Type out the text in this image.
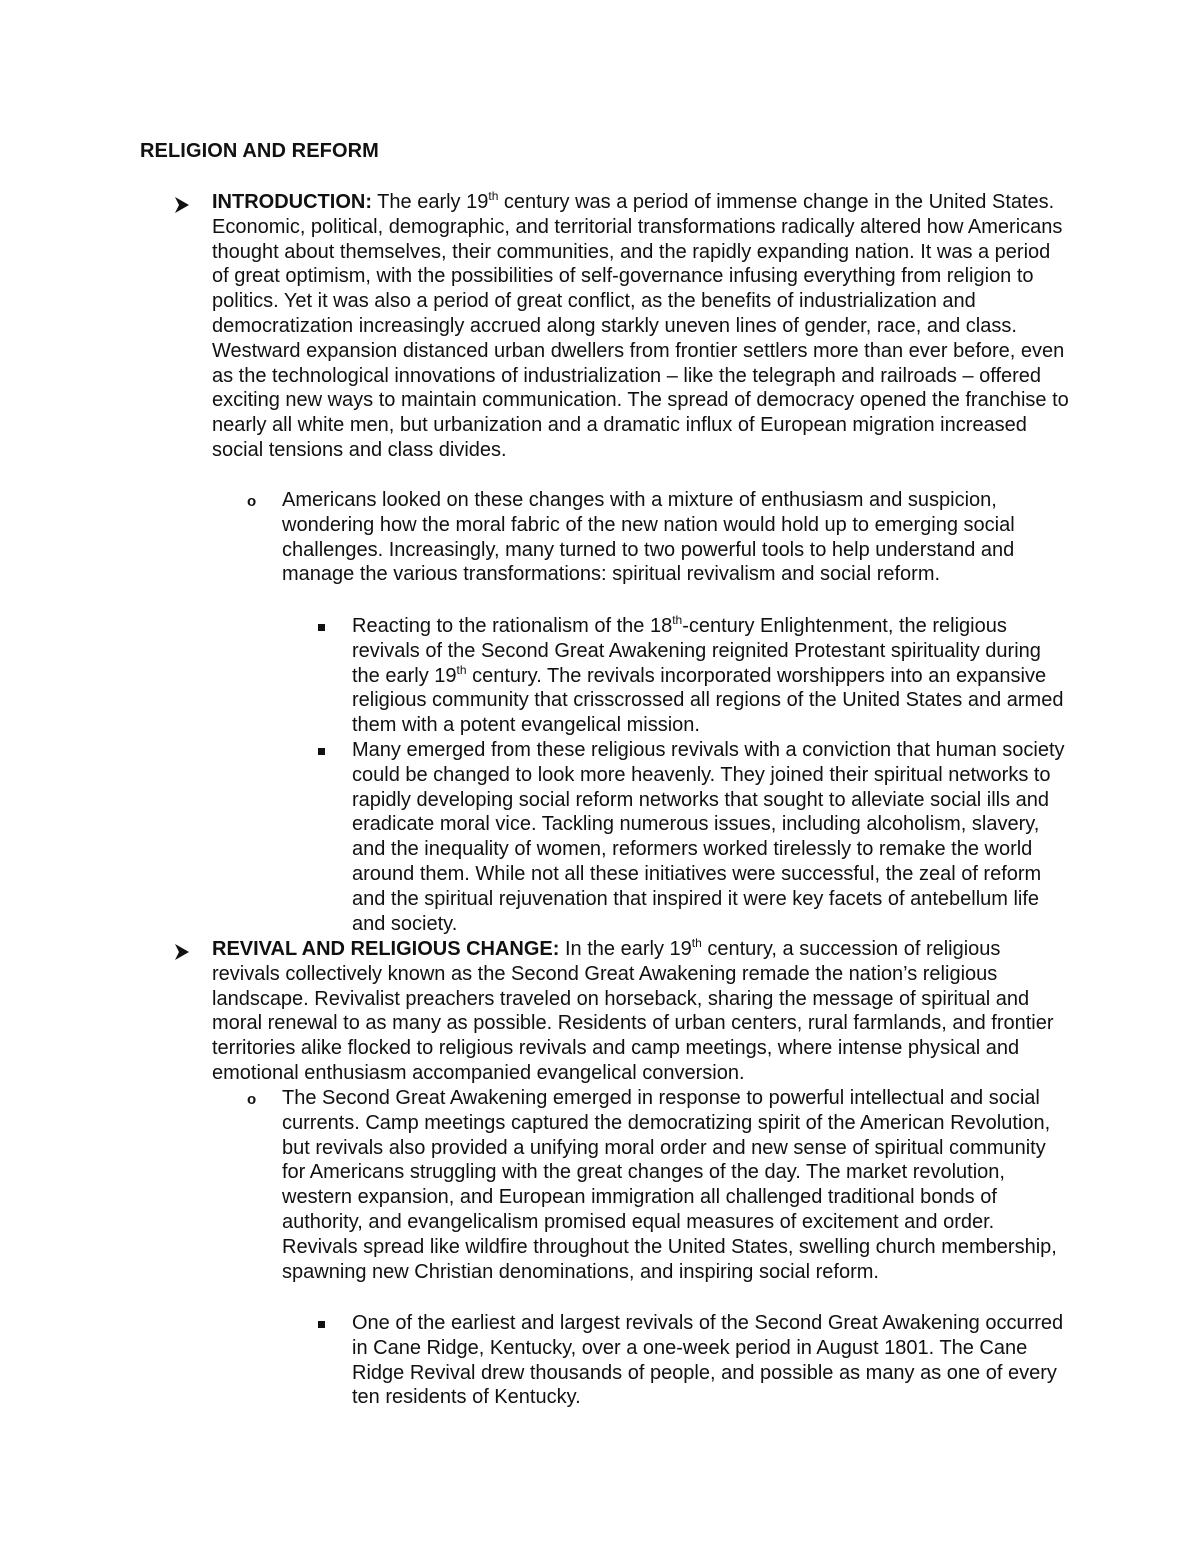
RELIGION AND REFORM

INTRODUCTION: The early 19th century was a period of immense change in the United States. Economic, political, demographic, and territorial transformations radically altered how Americans thought about themselves, their communities, and the rapidly expanding nation. It was a period of great optimism, with the possibilities of self-governance infusing everything from religion to politics. Yet it was also a period of great conflict, as the benefits of industrialization and democratization increasingly accrued along starkly uneven lines of gender, race, and class. Westward expansion distanced urban dwellers from frontier settlers more than ever before, even as the technological innovations of industrialization – like the telegraph and railroads – offered exciting new ways to maintain communication. The spread of democracy opened the franchise to nearly all white men, but urbanization and a dramatic influx of European migration increased social tensions and class divides.

o Americans looked on these changes with a mixture of enthusiasm and suspicion, wondering how the moral fabric of the new nation would hold up to emerging social challenges. Increasingly, many turned to two powerful tools to help understand and manage the various transformations: spiritual revivalism and social reform.

Reacting to the rationalism of the 18th-century Enlightenment, the religious revivals of the Second Great Awakening reignited Protestant spirituality during the early 19th century. The revivals incorporated worshippers into an expansive religious community that crisscrossed all regions of the United States and armed them with a potent evangelical mission.

Many emerged from these religious revivals with a conviction that human society could be changed to look more heavenly. They joined their spiritual networks to rapidly developing social reform networks that sought to alleviate social ills and eradicate moral vice. Tackling numerous issues, including alcoholism, slavery, and the inequality of women, reformers worked tirelessly to remake the world around them. While not all these initiatives were successful, the zeal of reform and the spiritual rejuvenation that inspired it were key facets of antebellum life and society.

REVIVAL AND RELIGIOUS CHANGE: In the early 19th century, a succession of religious revivals collectively known as the Second Great Awakening remade the nation’s religious landscape. Revivalist preachers traveled on horseback, sharing the message of spiritual and moral renewal to as many as possible. Residents of urban centers, rural farmlands, and frontier territories alike flocked to religious revivals and camp meetings, where intense physical and emotional enthusiasm accompanied evangelical conversion.

o The Second Great Awakening emerged in response to powerful intellectual and social currents. Camp meetings captured the democratizing spirit of the American Revolution, but revivals also provided a unifying moral order and new sense of spiritual community for Americans struggling with the great changes of the day. The market revolution, western expansion, and European immigration all challenged traditional bonds of authority, and evangelicalism promised equal measures of excitement and order. Revivals spread like wildfire throughout the United States, swelling church membership, spawning new Christian denominations, and inspiring social reform.

One of the earliest and largest revivals of the Second Great Awakening occurred in Cane Ridge, Kentucky, over a one-week period in August 1801. The Cane Ridge Revival drew thousands of people, and possible as many as one of every ten residents of Kentucky.
